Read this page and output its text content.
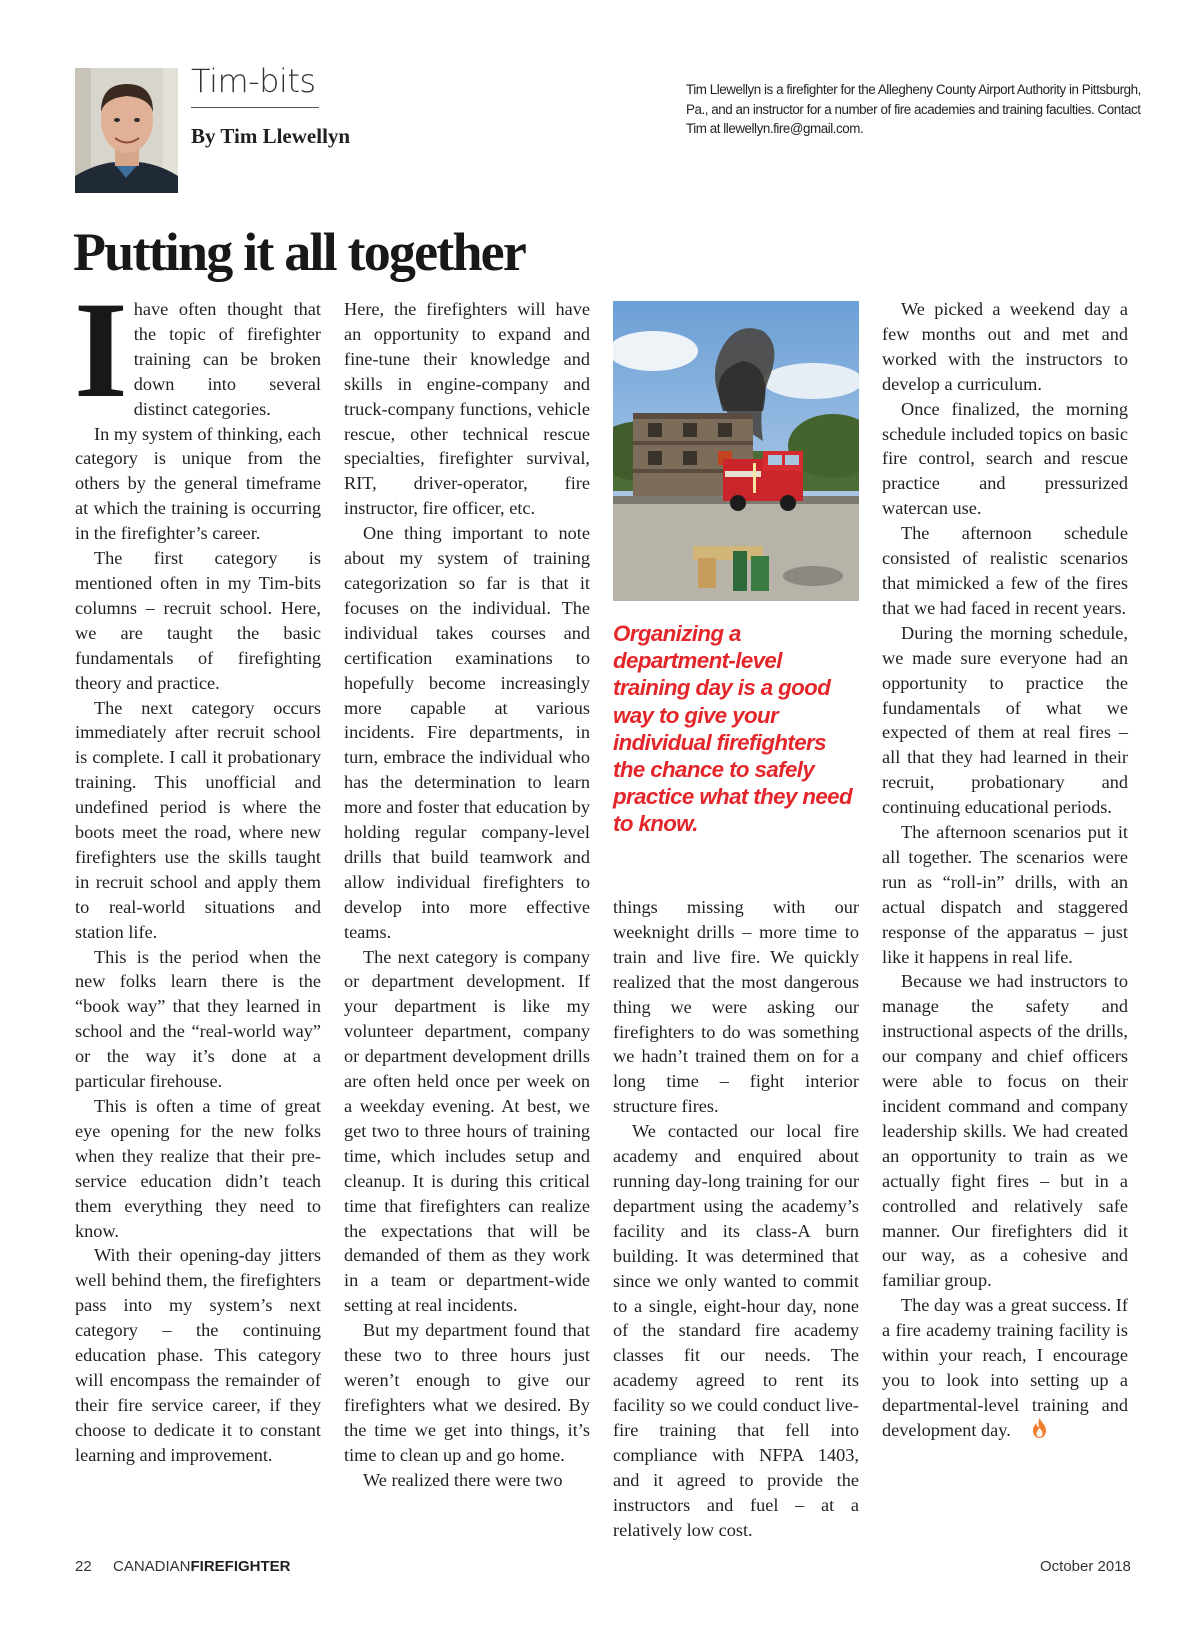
Tim-bits
By Tim Llewellyn
Tim Llewellyn is a firefighter for the Allegheny County Airport Authority in Pittsburgh, Pa., and an instructor for a number of fire academies and training faculties. Contact Tim at llewellyn.fire@gmail.com.
Putting it all together

Ihave often thought that the topic of firefighter training can be broken down into several distinct categories.

In my system of thinking, each category is unique from the others by the general timeframe at which the training is occurring in the firefighter’s career.

The first category is mentioned often in my Tim-bits columns – recruit school. Here, we are taught the basic fundamentals of firefighting theory and practice.

The next category occurs immediately after recruit school is complete. I call it probationary training. This unofficial and undefined period is where the boots meet the road, where new firefighters use the skills taught in recruit school and apply them to real-world situations and station life.

This is the period when the new folks learn there is the “book way” that they learned in school and the “real-world way” or the way it’s done at a particular firehouse.

This is often a time of great eye opening for the new folks when they realize that their pre-service education didn’t teach them everything they need to know.

With their opening-day jitters well behind them, the firefighters pass into my system’s next category – the continuing education phase. This category will encompass the remainder of their fire service career, if they choose to dedicate it to constant learning and improvement.

Here, the firefighters will have an opportunity to expand and fine-tune their knowledge and skills in engine-company and truck-company functions, vehicle rescue, other technical rescue specialties, firefighter survival, RIT, driver-operator, fire instructor, fire officer, etc.

One thing important to note about my system of training categorization so far is that it focuses on the individual. The individual takes courses and certification examinations to hopefully become increasingly more capable at various incidents. Fire departments, in turn, embrace the individual who has the determination to learn more and foster that education by holding regular company-level drills that build teamwork and allow individual firefighters to develop into more effective teams.

The next category is company or department development. If your department is like my volunteer department, company or department development drills are often held once per week on a weekday evening. At best, we get two to three hours of training time, which includes setup and cleanup. It is during this critical time that firefighters can realize the expectations that will be demanded of them as they work in a team or department-wide setting at real incidents.

But my department found that these two to three hours just weren’t enough to give our firefighters what we desired. By the time we get into things, it’s time to clean up and go home.

We realized there were two

Organizing a department-level training day is a good way to give your individual firefighters the chance to safely practice what they need to know.

things missing with our weeknight drills – more time to train and live fire. We quickly realized that the most dangerous thing we were asking our firefighters to do was something we hadn’t trained them on for a long time – fight interior structure fires.

We contacted our local fire academy and enquired about running day-long training for our department using the academy’s facility and its class-A burn building. It was determined that since we only wanted to commit to a single, eight-hour day, none of the standard fire academy classes fit our needs. The academy agreed to rent its facility so we could conduct live-fire training that fell into compliance with NFPA 1403, and it agreed to provide the instructors and fuel – at a relatively low cost.

We picked a weekend day a few months out and met and worked with the instructors to develop a curriculum.

Once finalized, the morning schedule included topics on basic fire control, search and rescue practice and pressurized watercan use.

The afternoon schedule consisted of realistic scenarios that mimicked a few of the fires that we had faced in recent years.

During the morning schedule, we made sure everyone had an opportunity to practice the fundamentals of what we expected of them at real fires – all that they had learned in their recruit, probationary and continuing educational periods.

The afternoon scenarios put it all together. The scenarios were run as “roll-in” drills, with an actual dispatch and staggered response of the apparatus – just like it happens in real life.

Because we had instructors to manage the safety and instructional aspects of the drills, our company and chief officers were able to focus on their incident command and company leadership skills. We had created an opportunity to train as we actually fight fires – but in a controlled and relatively safe manner. Our firefighters did it our way, as a cohesive and familiar group.

The day was a great success. If a fire academy training facility is within your reach, I encourage you to look into setting up a departmental-level training and development day.

22 CANADIANFIREFIGHTER	October 2018
